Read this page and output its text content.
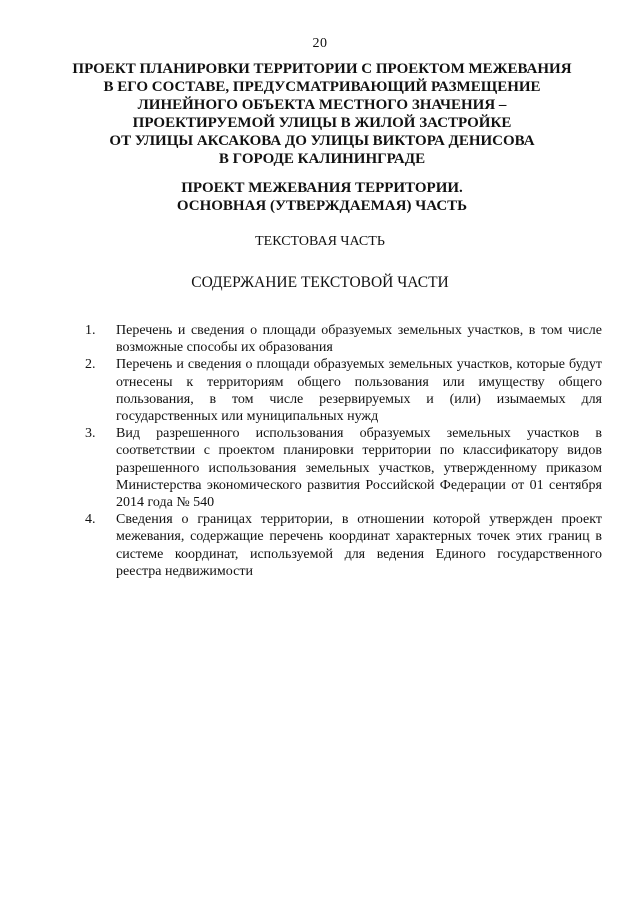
20
ПРОЕКТ ПЛАНИРОВКИ ТЕРРИТОРИИ С ПРОЕКТОМ МЕЖЕВАНИЯ
В ЕГО СОСТАВЕ, ПРЕДУСМАТРИВАЮЩИЙ РАЗМЕЩЕНИЕ
ЛИНЕЙНОГО ОБЪЕКТА МЕСТНОГО ЗНАЧЕНИЯ –
ПРОЕКТИРУЕМОЙ УЛИЦЫ В ЖИЛОЙ ЗАСТРОЙКЕ
ОТ УЛИЦЫ АКСАКОВА ДО УЛИЦЫ ВИКТОРА ДЕНИСОВА
В ГОРОДЕ КАЛИНИНГРАДЕ
ПРОЕКТ МЕЖЕВАНИЯ ТЕРРИТОРИИ.
ОСНОВНАЯ (УТВЕРЖДАЕМАЯ) ЧАСТЬ
ТЕКСТОВАЯ ЧАСТЬ
СОДЕРЖАНИЕ ТЕКСТОВОЙ ЧАСТИ
1. Перечень и сведения о площади образуемых земельных участков, в том числе возможные способы их образования
2. Перечень и сведения о площади образуемых земельных участков, которые будут отнесены к территориям общего пользования или имуществу общего пользования, в том числе резервируемых и (или) изымаемых для государственных или муниципальных нужд
3. Вид разрешенного использования образуемых земельных участков в соответствии с проектом планировки территории по классификатору видов разрешенного использования земельных участков, утвержденному приказом Министерства экономического развития Российской Федерации от 01 сентября 2014 года № 540
4. Сведения о границах территории, в отношении которой утвержден проект межевания, содержащие перечень координат характерных точек этих границ в системе координат, используемой для ведения Единого государственного реестра недвижимости
